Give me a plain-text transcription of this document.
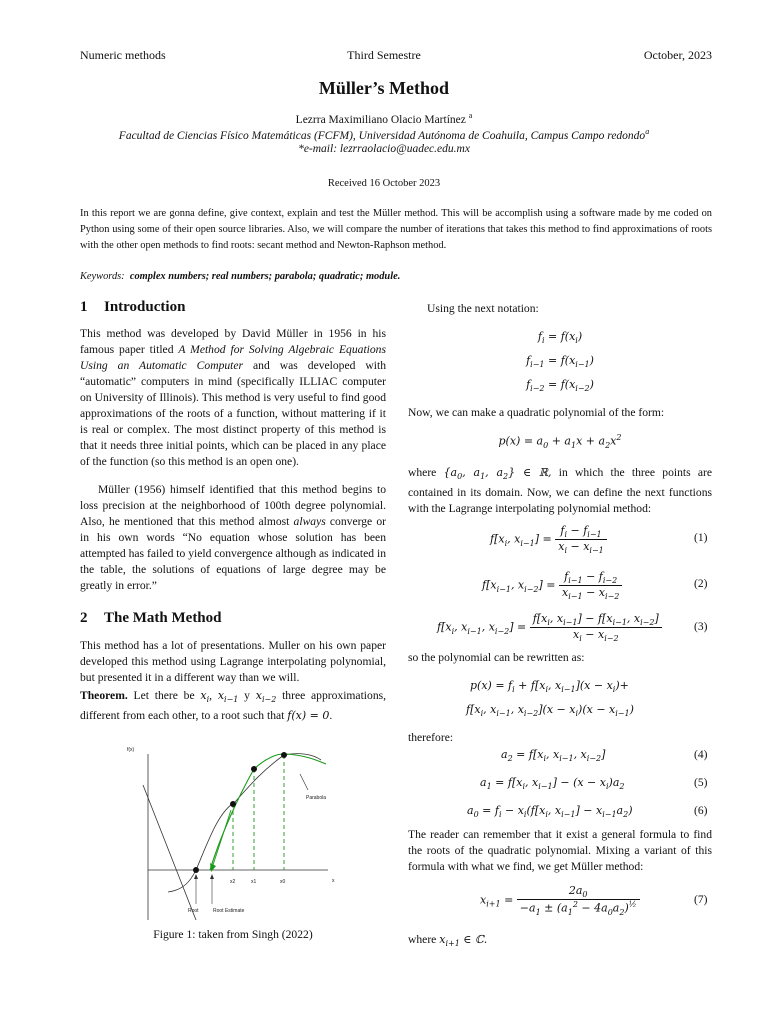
Numeric methods	Third Semestre	October, 2023
Müller’s Method
Lezrra Maximiliano Olacio Martínez $^a$
Facultad de Ciencias Físico Matemáticas (FCFM), Universidad Autónoma de Coahuila, Campus Campo redondo$^a$
*e-mail: lezrraolacio@uadec.edu.mx
Received 16 October 2023
In this report we are gonna define, give context, explain and test the Müller method. This will be accomplish using a software made by me coded on Python using some of their open source libraries. Also, we will compare the number of iterations that takes this method to find approximations of roots with the other open methods to find roots: secant method and Newton-Raphson method.
Keywords: complex numbers; real numbers; parabola; quadratic; module.
1 Introduction
This method was developed by David Müller in 1956 in his famous paper titled A Method for Solving Algebraic Equations Using an Automatic Computer and was developed with “automatic” computers in mind (specifically ILLIAC computer on University of Illinois). This method is very useful to find good approximations of the roots of a function, without mattering if it is real or complex. The most distinct property of this method is that it needs three initial points, which can be placed in any place of the function (so this method is an open one).
Müller (1956) himself identified that this method begins to loss precision at the neighborhood of 100th degree polynomial. Also, he mentioned that this method almost always converge or in his own words “No equation whose solution has been attempted has failed to yield convergence although as indicated in the table, the solutions of equations of large degree may be greatly in error.”
2 The Math Method
This method has a lot of presentations. Muller on his own paper developed this method using Lagrange interpolating polynomial, but presented it in a different way than we will.
Theorem. Let there be $x_i$, $x_{i-1}$ y $x_{i-2}$ three approximations, different from each other, to a root such that f(x) = 0.
f(x)
x
x2	x1	x0
Parabola
Root	Root Estimate
Figure 1: taken from Singh (2022)
Using the next notation:
$f_i = f(x_i)$
$f_{i-1} = f(x_{i-1})$
$f_{i-2} = f(x_{i-2})$
Now, we can make a quadratic polynomial of the form:
$p(x) = a_0 + a_1x + a_2x^2$
where {$a_0$, $a_1$, $a_2$} ∈ ℝ, in which the three points are contained in its domain. Now, we can define the next functions with the Lagrange interpolating polynomial method:
$f[x_i$, $x_{i-1}] = \frac{f_i - f_{i-1}}{x_i - x_{i-1}}$	(1)
$f[x_{i-1}$, $x_{i-2}] = \frac{f_{i-1} - f_{i-2}}{x_{i-1} - x_{i-2}}$	(2)
$f[x_i$, $x_{i-1}$, $x_{i-2}] = \frac{f[x_i, x_{i-1}] - f[x_{i-1}, x_{i-2}]}{x_i - x_{i-2}}$	(3)
so the polynomial can be rewritten as:
$p(x) = f_i + f[x_i$, $x_{i-1}](x - x_i)+$
$f[x_i$, $x_{i-1}$, $x_{i-2}](x - x_i)(x - x_{i-1})$
therefore:
$a_2 = f[x_i$, $x_{i-1}$, $x_{i-2}$]	(4)
$a_1 = f[x_i$, $x_{i-1}] - (x - x_i)a_2$	(5)
$a_0 = f_i - x_i(f[x_i$, $x_{i-1}] - x_{i-1}a_2$)	(6)
The reader can remember that it exist a general formula to find the roots of the quadratic polynomial. Mixing a variant of this formula with what we find, we get Müller method:
$x_{i+1} = \frac{2a_0}{-a_1 \pm (a_1^2 - 4a_0a_2)^{\frac{1}{2}}}$	(7)
where $x_{i+1}$ ∈ ℂ.
